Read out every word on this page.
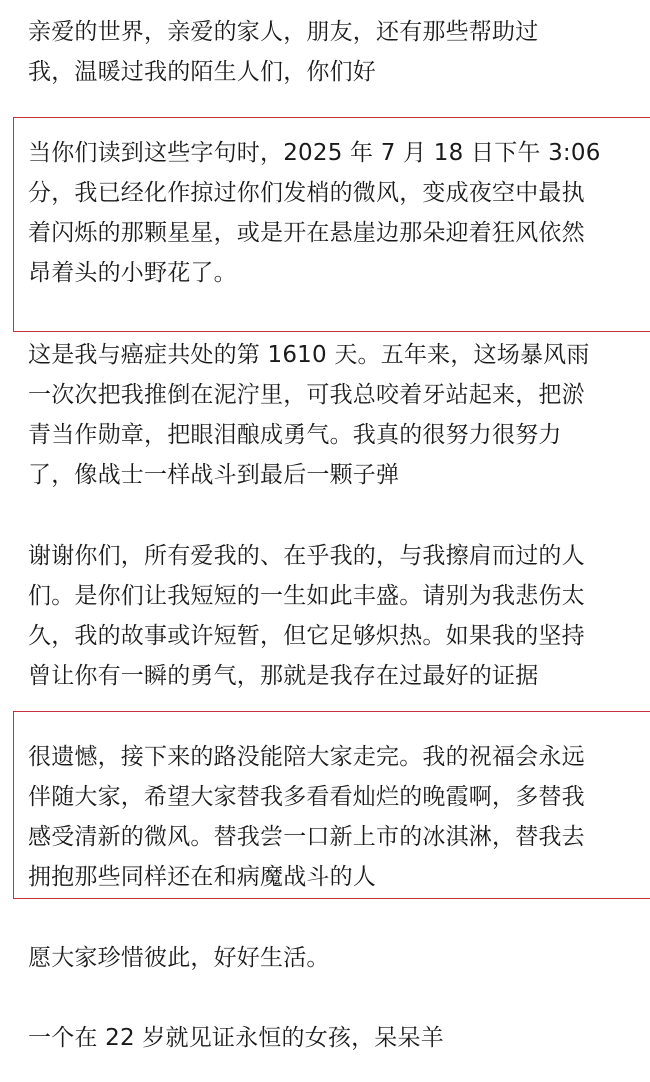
亲爱的世界，亲爱的家人，朋友，还有那些帮助过
我，温暖过我的陌生人们，你们好

当你们读到这些字句时，2025 年 7 月 18 日下午 3:06
分，我已经化作掠过你们发梢的微风，变成夜空中最执
着闪烁的那颗星星，或是开在悬崖边那朵迎着狂风依然
昂着头的小野花了。

这是我与癌症共处的第 1610 天。五年来，这场暴风雨
一次次把我推倒在泥泞里，可我总咬着牙站起来，把淤
青当作勋章，把眼泪酿成勇气。我真的很努力很努力
了，像战士一样战斗到最后一颗子弹

谢谢你们，所有爱我的、在乎我的，与我擦肩而过的人
们。是你们让我短短的一生如此丰盛。请别为我悲伤太
久，我的故事或许短暂，但它足够炽热。如果我的坚持
曾让你有一瞬的勇气，那就是我存在过最好的证据

很遗憾，接下来的路没能陪大家走完。我的祝福会永远
伴随大家，希望大家替我多看看灿烂的晚霞啊，多替我
感受清新的微风。替我尝一口新上市的冰淇淋，替我去
拥抱那些同样还在和病魔战斗的人

愿大家珍惜彼此，好好生活。

一个在 22 岁就见证永恒的女孩，呆呆羊
